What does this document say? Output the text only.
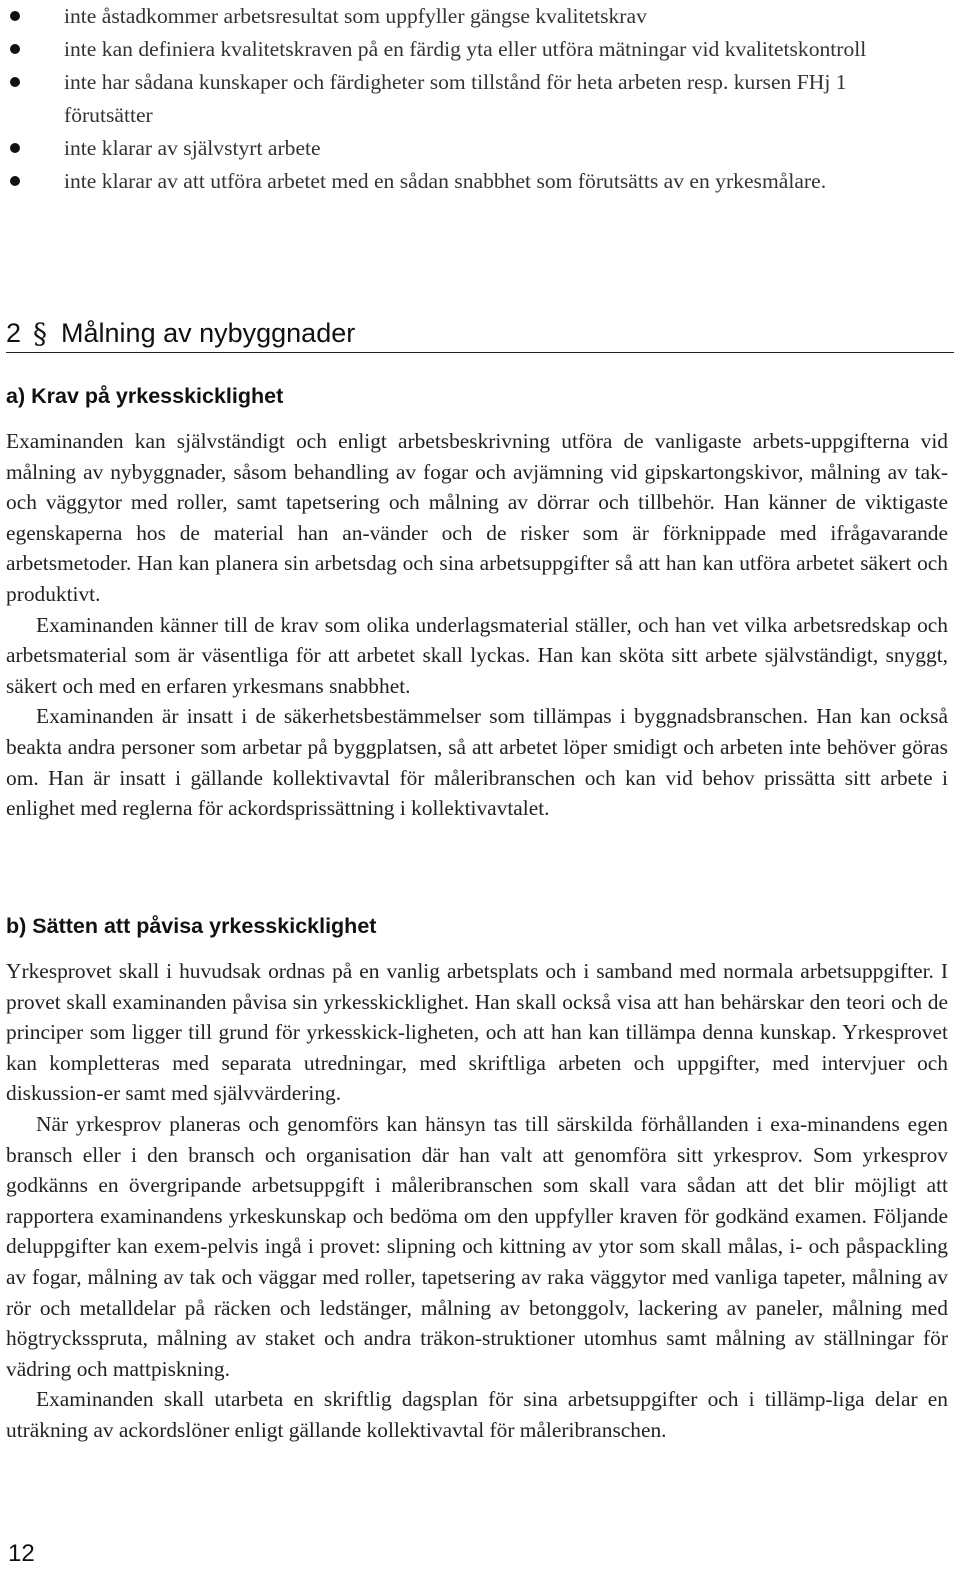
inte åstadkommer arbetsresultat som uppfyller gängse kvalitetskrav
inte kan definiera kvalitetskraven på en färdig yta eller utföra mätningar vid kvalitetskontroll
inte har sådana kunskaper och färdigheter som tillstånd för heta arbeten resp. kursen FHj 1 förutsätter
inte klarar av självstyrt arbete
inte klarar av att utföra arbetet med en sådan snabbhet som förutsätts av en yrkesmålare.
2 § Målning av nybyggnader
a) Krav på yrkesskicklighet

Examinanden kan självständigt och enligt arbetsbeskrivning utföra de vanligaste arbets-uppgifterna vid målning av nybyggnader, såsom behandling av fogar och avjämning vid gipskartongskivor, målning av tak- och väggytor med roller, samt tapetsering och målning av dörrar och tillbehör. Han känner de viktigaste egenskaperna hos de material han an-vänder och de risker som är förknippade med ifrågavarande arbetsmetoder. Han kan planera sin arbetsdag och sina arbetsuppgifter så att han kan utföra arbetet säkert och produktivt.

Examinanden känner till de krav som olika underlagsmaterial ställer, och han vet vilka arbetsredskap och arbetsmaterial som är väsentliga för att arbetet skall lyckas. Han kan sköta sitt arbete självständigt, snyggt, säkert och med en erfaren yrkesmans snabbhet.

Examinanden är insatt i de säkerhetsbestämmelser som tillämpas i byggnadsbranschen. Han kan också beakta andra personer som arbetar på byggplatsen, så att arbetet löper smidigt och arbeten inte behöver göras om. Han är insatt i gällande kollektivavtal för måleribranschen och kan vid behov prissätta sitt arbete i enlighet med reglerna för ackordsprissättning i kollektivavtalet.

b) Sätten att påvisa yrkesskicklighet

Yrkesprovet skall i huvudsak ordnas på en vanlig arbetsplats och i samband med normala arbetsuppgifter. I provet skall examinanden påvisa sin yrkesskicklighet. Han skall också visa att han behärskar den teori och de principer som ligger till grund för yrkesskick-ligheten, och att han kan tillämpa denna kunskap. Yrkesprovet kan kompletteras med separata utredningar, med skriftliga arbeten och uppgifter, med intervjuer och diskussion-er samt med självvärdering.

När yrkesprov planeras och genomförs kan hänsyn tas till särskilda förhållanden i exa-minandens egen bransch eller i den bransch och organisation där han valt att genomföra sitt yrkesprov. Som yrkesprov godkänns en övergripande arbetsuppgift i måleribranschen som skall vara sådan att det blir möjligt att rapportera examinandens yrkeskunskap och bedöma om den uppfyller kraven för godkänd examen. Följande deluppgifter kan exem-pelvis ingå i provet: slipning och kittning av ytor som skall målas, i- och påspackling av fogar, målning av tak och väggar med roller, tapetsering av raka väggytor med vanliga tapeter, målning av rör och metalldelar på räcken och ledstänger, målning av betonggolv, lackering av paneler, målning med högtrycksspruta, målning av staket och andra träkon-struktioner utomhus samt målning av ställningar för vädring och mattpiskning.

Examinanden skall utarbeta en skriftlig dagsplan för sina arbetsuppgifter och i tillämp-liga delar en uträkning av ackordslöner enligt gällande kollektivavtal för måleribranschen.

12
